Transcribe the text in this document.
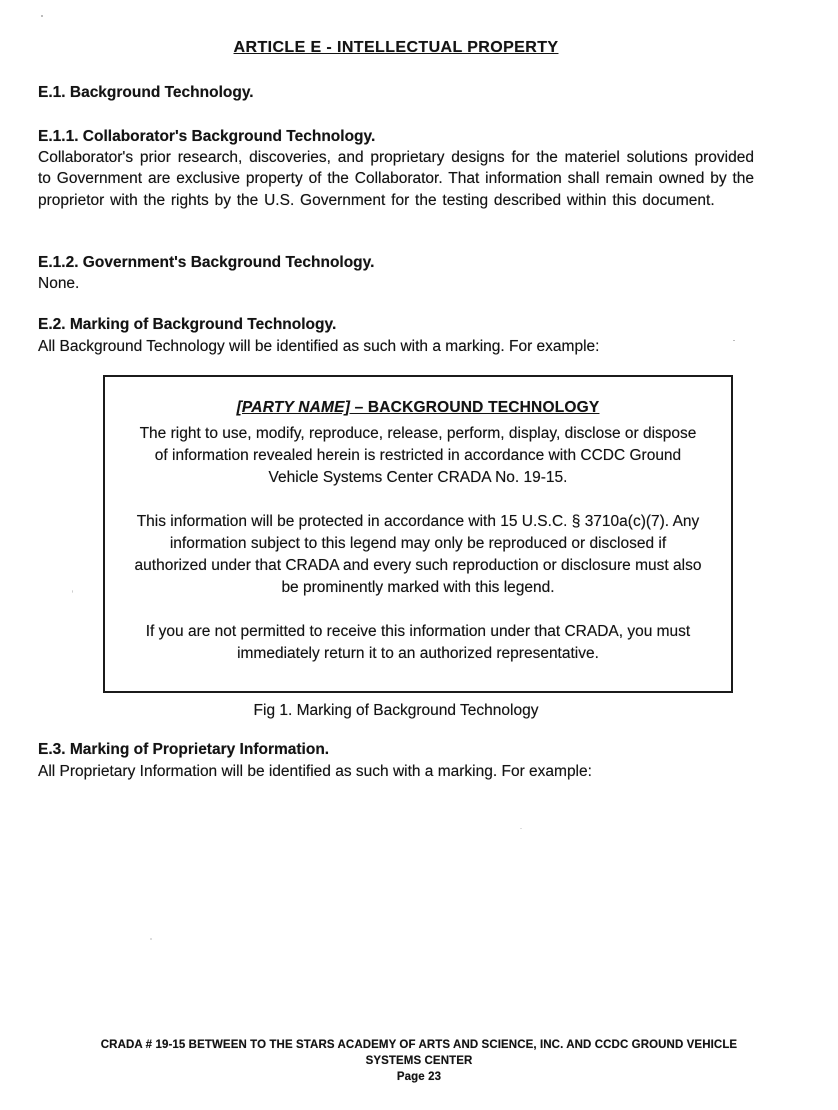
ARTICLE E - INTELLECTUAL PROPERTY
E.1. Background Technology.
E.1.1. Collaborator's Background Technology.
Collaborator's prior research, discoveries, and proprietary designs for the materiel solutions provided to Government are exclusive property of the Collaborator. That information shall remain owned by the proprietor with the rights by the U.S. Government for the testing described within this document.
E.1.2. Government's Background Technology.
None.
E.2. Marking of Background Technology.
All Background Technology will be identified as such with a marking. For example:
[PARTY NAME] – BACKGROUND TECHNOLOGY

The right to use, modify, reproduce, release, perform, display, disclose or dispose of information revealed herein is restricted in accordance with CCDC Ground Vehicle Systems Center CRADA No. 19-15.

This information will be protected in accordance with 15 U.S.C. § 3710a(c)(7). Any information subject to this legend may only be reproduced or disclosed if authorized under that CRADA and every such reproduction or disclosure must also be prominently marked with this legend.

If you are not permitted to receive this information under that CRADA, you must immediately return it to an authorized representative.

Fig 1. Marking of Background Technology
E.3. Marking of Proprietary Information.
All Proprietary Information will be identified as such with a marking. For example:
CRADA # 19-15 BETWEEN TO THE STARS ACADEMY OF ARTS AND SCIENCE, INC. AND CCDC GROUND VEHICLE
SYSTEMS CENTER
Page 23
